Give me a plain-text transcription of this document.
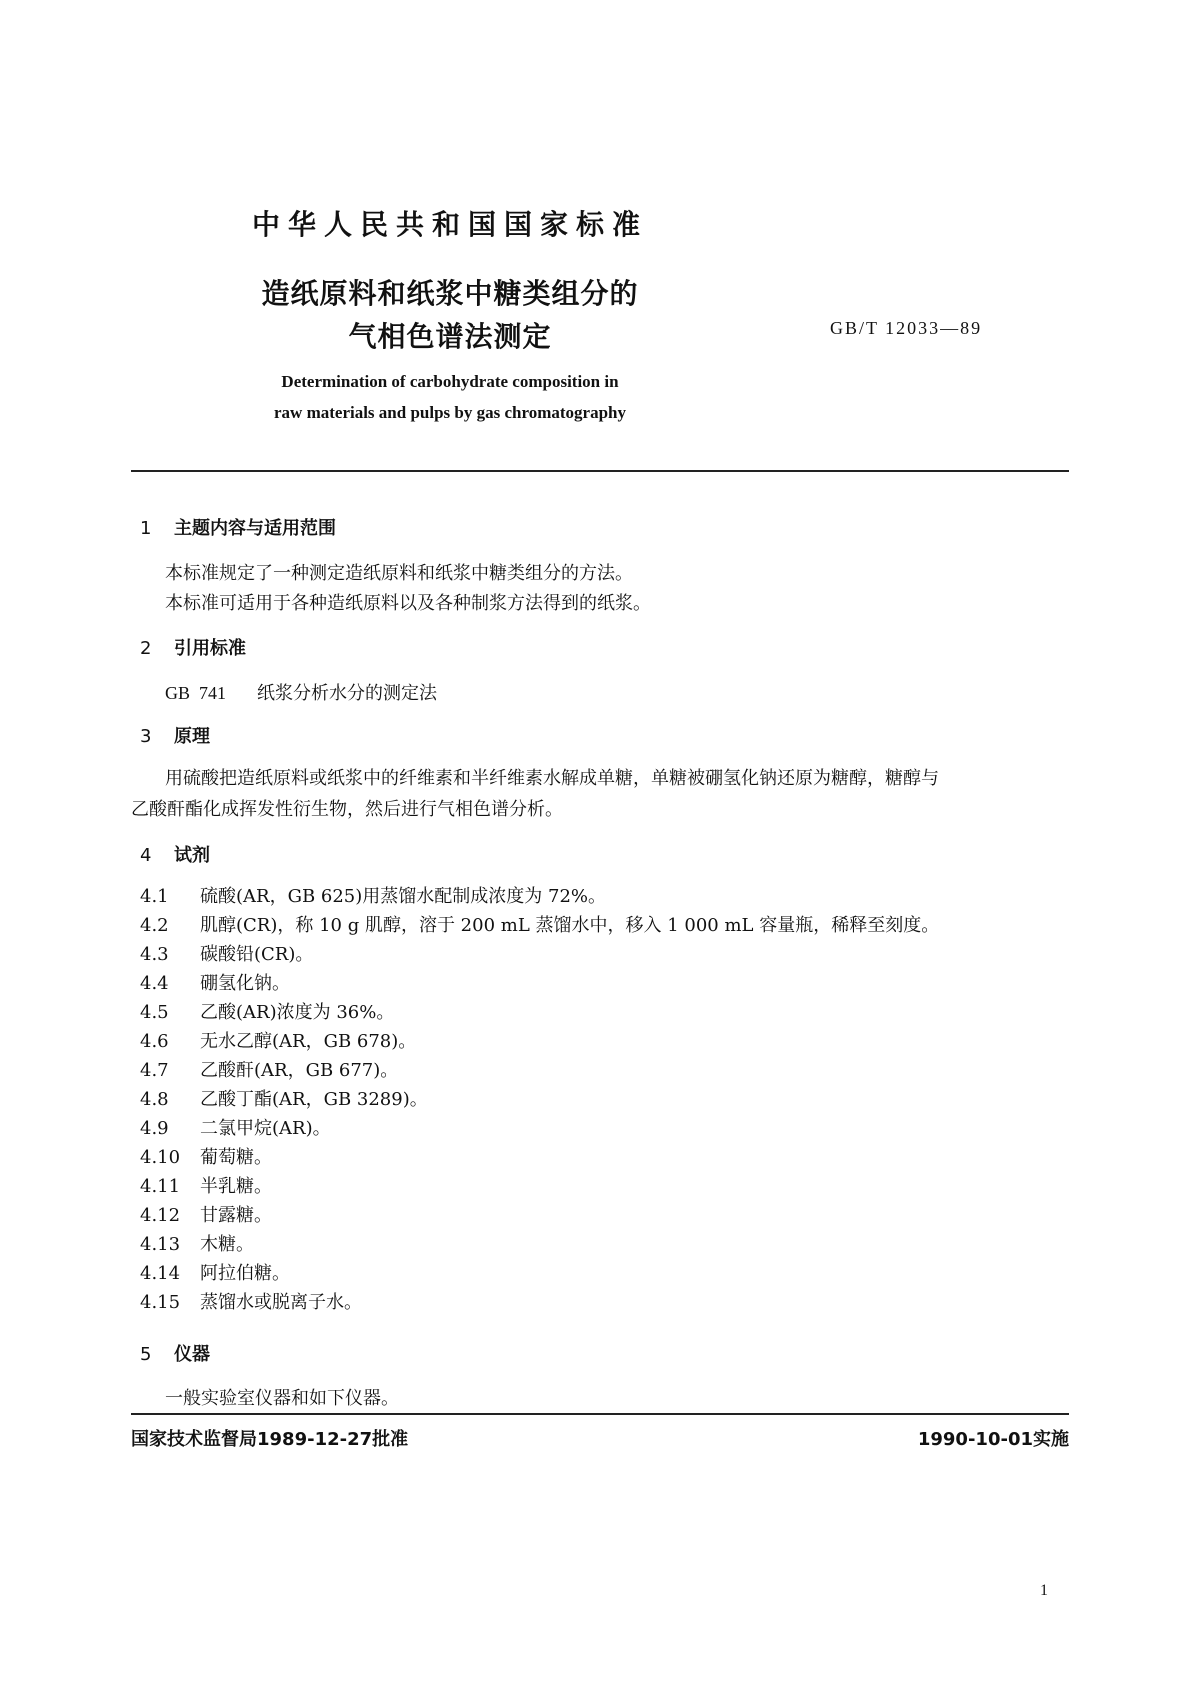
中华人民共和国国家标准
造纸原料和纸浆中糖类组分的
气相色谱法测定	GB/T 12033—89
Determination of carbohydrate composition in
raw materials and pulps by gas chromatography
1 主题内容与适用范围
本标准规定了一种测定造纸原料和纸浆中糖类组分的方法。
本标准可适用于各种造纸原料以及各种制浆方法得到的纸浆。
2 引用标准
GB  741 纸浆分析水分的测定法
3 原理
用硫酸把造纸原料或纸浆中的纤维素和半纤维素水解成单糖，单糖被硼氢化钠还原为糖醇，糖醇与
乙酸酐酯化成挥发性衍生物，然后进行气相色谱分析。
4 试剂
4.1 硫酸(AR，GB 625)用蒸馏水配制成浓度为 72%。
4.2 肌醇(CR)，称 10 g 肌醇，溶于 200 mL 蒸馏水中，移入 1 000 mL 容量瓶，稀释至刻度。
4.3 碳酸铅(CR)。
4.4 硼氢化钠。
4.5 乙酸(AR)浓度为 36%。
4.6 无水乙醇(AR，GB 678)。
4.7 乙酸酐(AR，GB 677)。
4.8 乙酸丁酯(AR，GB 3289)。
4.9 二氯甲烷(AR)。
4.10 葡萄糖。
4.11 半乳糖。
4.12 甘露糖。
4.13 木糖。
4.14 阿拉伯糖。
4.15 蒸馏水或脱离子水。
5 仪器
一般实验室仪器和如下仪器。
国家技术监督局1989-12-27批准	1990-10-01实施
1
